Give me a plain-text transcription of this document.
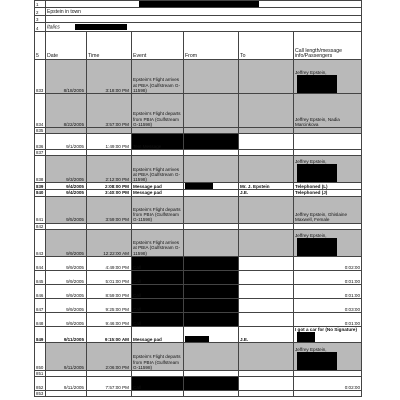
1						
2	Epstein in town					
3						
4	Italics					
5	Date	Time	Event	From	To	Call length/message info/Passengers
833	8/18/2005	3:18:00 PM	Epstein's Flight arrives at PBIA (Gulfstream G-11598)			Jeffrey Epstein,

834	8/22/2005	3:57:00 PM	Epstein's Flight departs from PBIA (Gulfstream G-11598)			Jeffrey Epstein, Nadia Marcinkova
835						
836	9/1/2005	1:49:00 PM	Text Message			
837						
838	9/3/2005	2:12:00 PM	Epstein's Flight arrives at PBIA (Gulfstream G-11598)			Jeffrey Epstein,

839	9/4/2005	2:08:00 PM	Message pad		Mr. J. Epstein	Telephoned (L)
840	9/4/2005	3:40:00 PM	Message pad		J.E.	Telephoned (J)
841	9/5/2005	3:59:00 PM	Epstein's Flight departs from PBIA (Gulfstream G-11598)			Jeffrey Epstein, Ghislaine Maxwell, Female
842						
843	9/9/2005	12:22:00 AM	Epstein's Flight arrives at PBIA (Gulfstream G-11598)			Jeffrey Epstein,

844	9/9/2005	4:49:00 PM	Call			0:02:00
845	9/9/2005	5:01:00 PM	Call			0:01:00
846	9/9/2005	8:59:00 PM	Call			0:01:00
847	9/9/2005	9:25:00 PM	Call			0:03:00
848	9/9/2005	9:46:00 PM	Call			0:01:00
849	9/11/2005	9:15:00 AM	Message pad		J.E.	I got a car for (No Signature)

850	9/11/2005	2:06:00 PM	Epstein's Flight departs from PBIA (Gulfstream G-11598)			Jeffrey Epstein,

851						
852	9/11/2005	7:57:00 PM	Call			0:02:00
853						
